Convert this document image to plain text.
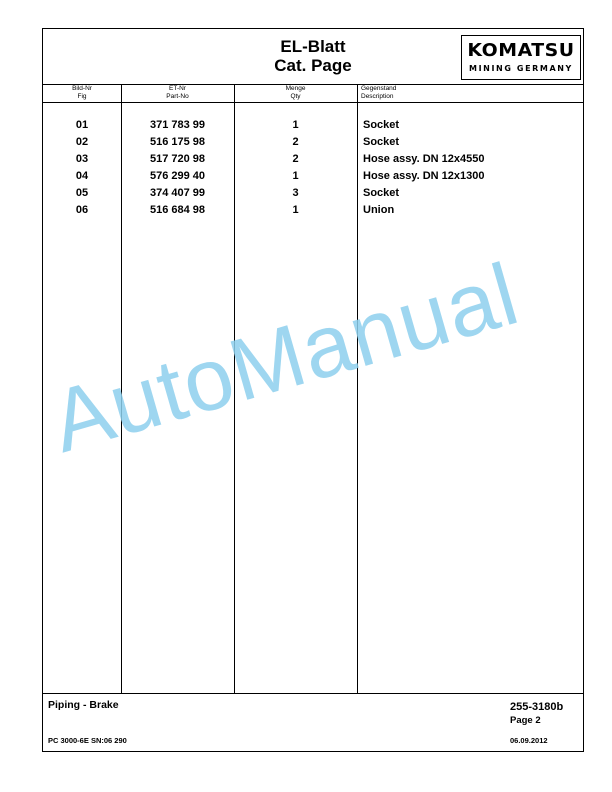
EL-Blatt
Cat. Page
KOMATSU
MINING GERMANY
Bild-Nr
Fig
ET-Nr
Part-No
Menge
Qty
Gegenstand
Description
01	371 783 99	1	Socket
02	516 175 98	2	Socket
03	517 720 98	2	Hose assy. DN 12x4550
04	576 299 40	1	Hose assy. DN 12x1300
05	374 407 99	3	Socket
06	516 684 98	1	Union
Piping - Brake	255-3180b
Page 2
PC 3000-6E SN:06 290	06.09.2012
AutoManual
